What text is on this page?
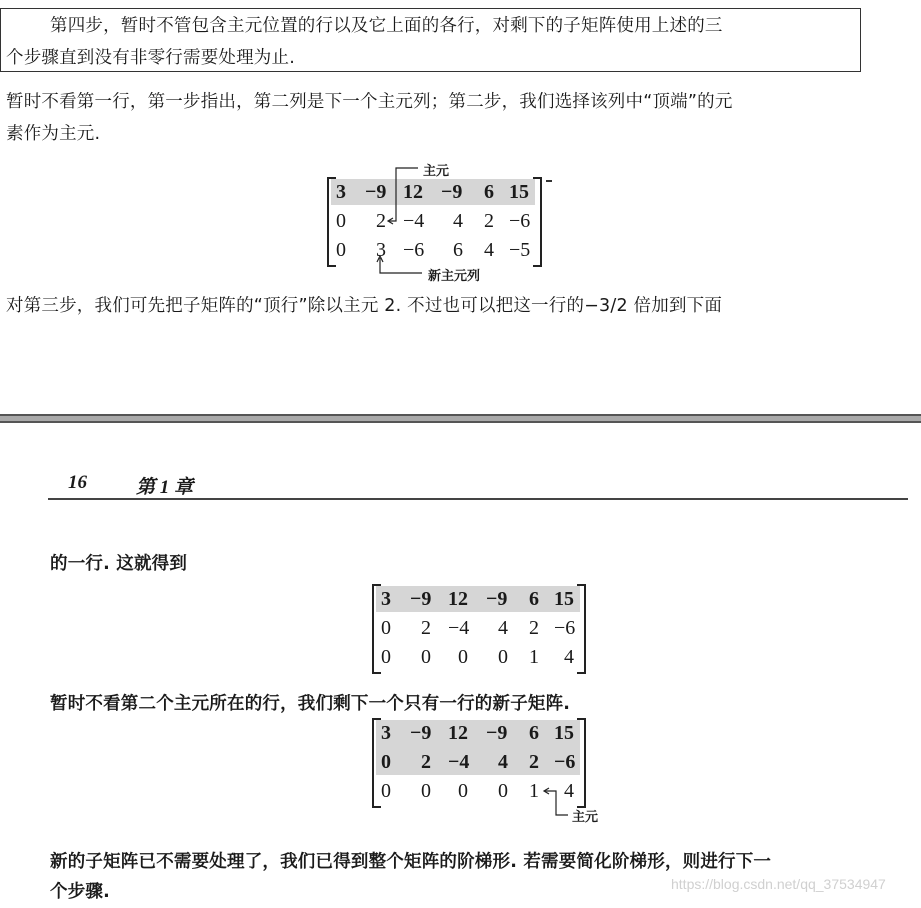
第四步，暂时不管包含主元位置的行以及它上面的各行，对剩下的子矩阵使用上述的三
个步骤直到没有非零行需要处理为止.
暂时不看第一行，第一步指出，第二列是下一个主元列；第二步，我们选择该列中“顶端”的元
素作为主元.
3 −9 12 −9 6 15
0 2 −4 4 2 −6
0 3 −6 6 4 −5
主元
新主元列
对第三步，我们可先把子矩阵的“顶行”除以主元 2. 不过也可以把这一行的−3/2 倍加到下面
16	第 1 章
的一行. 这就得到
3 −9 12 −9 6 15
0 2 −4 4 2 −6
0 0 0 0 1 4
暂时不看第二个主元所在的行，我们剩下一个只有一行的新子矩阵.
3 −9 12 −9 6 15
0 2 −4 4 2 −6
0 0 0 0 1 4
主元
新的子矩阵已不需要处理了，我们已得到整个矩阵的阶梯形. 若需要简化阶梯形，则进行下一
个步骤.	https://blog.csdn.net/qq_37534947
